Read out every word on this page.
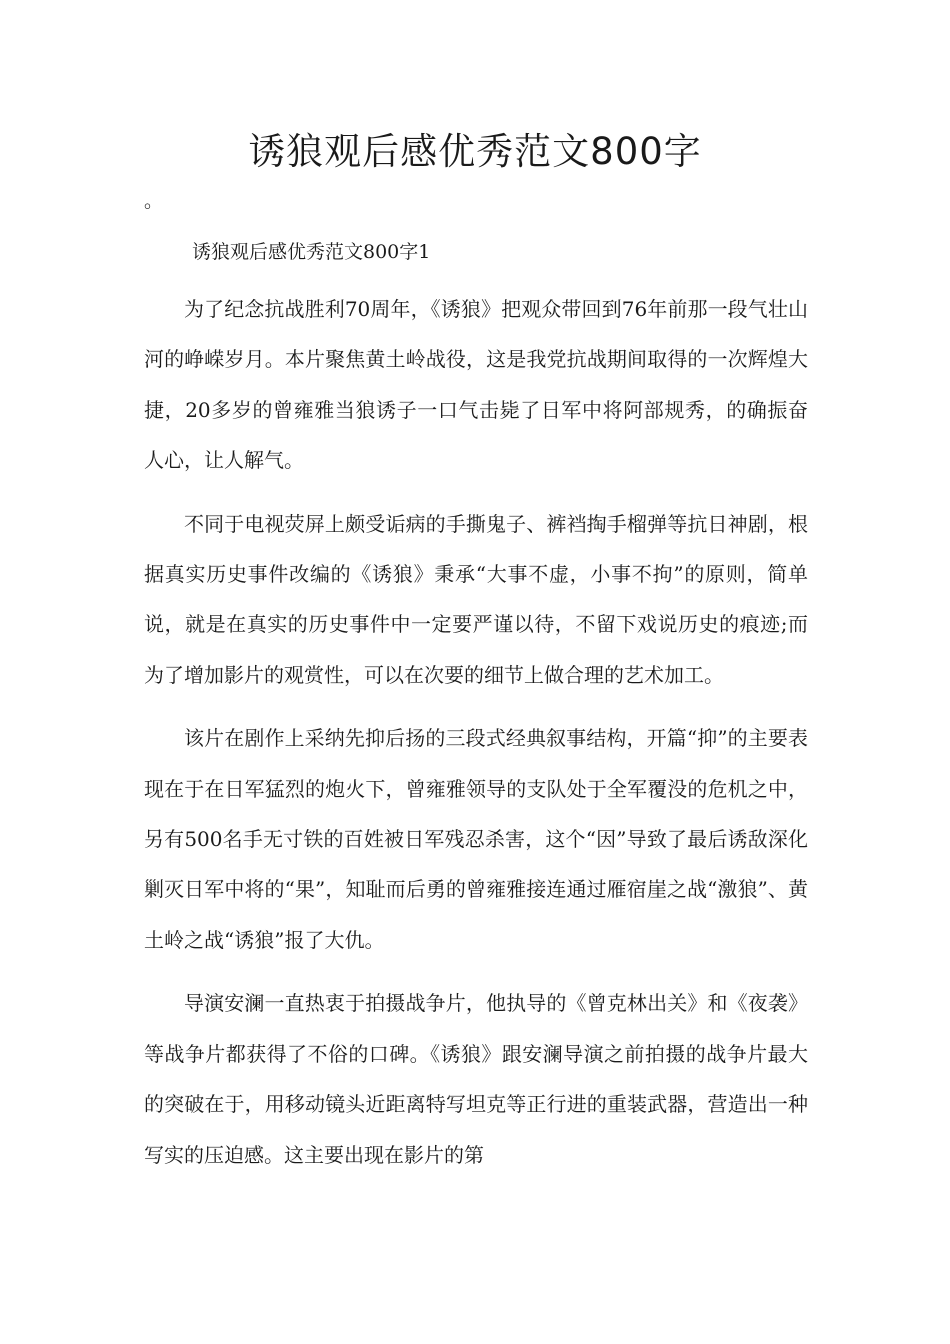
诱狼观后感优秀范文800字
。
诱狼观后感优秀范文800字1

为了纪念抗战胜利70周年，《诱狼》把观众带回到76年前那一段气壮山河的峥嵘岁月。本片聚焦黄土岭战役，这是我党抗战期间取得的一次辉煌大捷，20多岁的曾雍雅当狼诱子一口气击毙了日军中将阿部规秀，的确振奋人心，让人解气。

不同于电视荧屏上颇受诟病的手撕鬼子、裤裆掏手榴弹等抗日神剧，根据真实历史事件改编的《诱狼》秉承“大事不虚，小事不拘”的原则，简单说，就是在真实的历史事件中一定要严谨以待，不留下戏说历史的痕迹;而为了增加影片的观赏性，可以在次要的细节上做合理的艺术加工。

该片在剧作上采纳先抑后扬的三段式经典叙事结构，开篇“抑”的主要表现在于在日军猛烈的炮火下，曾雍雅领导的支队处于全军覆没的危机之中，另有500名手无寸铁的百姓被日军残忍杀害，这个“因”导致了最后诱敌深化剿灭日军中将的“果”，知耻而后勇的曾雍雅接连通过雁宿崖之战“激狼”、黄土岭之战“诱狼”报了大仇。

导演安澜一直热衷于拍摄战争片，他执导的《曾克林出关》和《夜袭》等战争片都获得了不俗的口碑。《诱狼》跟安澜导演之前拍摄的战争片最大的突破在于，用移动镜头近距离特写坦克等正行进的重装武器，营造出一种写实的压迫感。这主要出现在影片的第
